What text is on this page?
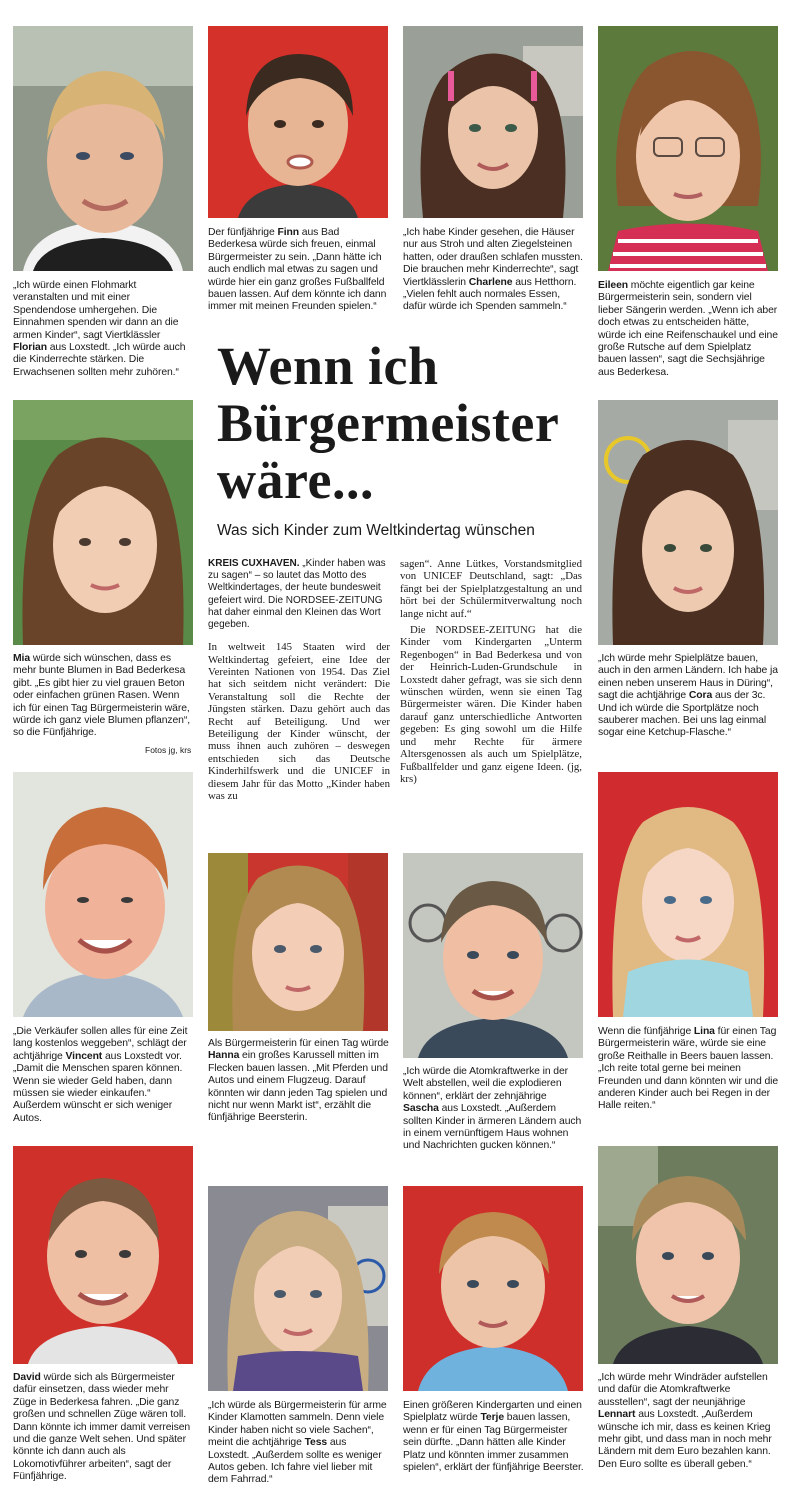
„Ich würde einen Flohmarkt veranstalten und mit einer Spendendose umhergehen. Die Einnahmen spenden wir dann an die armen Kinder“, sagt Viertklässler Florian aus Loxstedt. „Ich würde auch die Kinderrechte stärken. Die Erwachsenen sollten mehr zuhören.“

Der fünfjährige Finn aus Bad Bederkesa würde sich freuen, einmal Bürgermeister zu sein. „Dann hätte ich auch endlich mal etwas zu sagen und würde hier ein ganz großes Fußballfeld bauen lassen. Auf dem könnte ich dann immer mit meinen Freunden spielen.“

„Ich habe Kinder gesehen, die Häuser nur aus Stroh und alten Ziegelsteinen hatten, oder draußen schlafen mussten. Die brauchen mehr Kinderrechte“, sagt Viertklässlerin Charlene aus Hetthorn. „Vielen fehlt auch normales Essen, dafür würde ich Spenden sammeln.“

Eileen möchte eigentlich gar keine Bürgermeisterin sein, sondern viel lieber Sängerin werden. „Wenn ich aber doch etwas zu entscheiden hätte, würde ich eine Reifenschaukel und eine große Rutsche auf dem Spielplatz bauen lassen“, sagt die Sechsjährige aus Bederkesa.

Wenn ich Bürgermeister wäre...

Was sich Kinder zum Weltkindertag wünschen

KREIS CUXHAVEN. „Kinder haben was zu sagen“ – so lautet das Motto des Weltkindertages, der heute bundesweit gefeiert wird. Die NORDSEE-ZEITUNG hat daher einmal den Kleinen das Wort gegeben.

In weltweit 145 Staaten wird der Weltkindertag gefeiert, eine Idee der Vereinten Nationen von 1954. Das Ziel hat sich seitdem nicht verändert: Die Veranstaltung soll die Rechte der Jüngsten stärken. Dazu gehört auch das Recht auf Beteiligung. Und wer Beteiligung der Kinder wünscht, der muss ihnen auch zuhören – deswegen entschieden sich das Deutsche Kinderhilfswerk und die UNICEF in diesem Jahr für das Motto „Kinder haben was zu

sagen“. Anne Lütkes, Vorstandsmitglied von UNICEF Deutschland, sagt: „Das fängt bei der Spielplatzgestaltung an und hört bei der Schülermitverwaltung noch lange nicht auf.“

Die NORDSEE-ZEITUNG hat die Kinder vom Kindergarten „Unterm Regenbogen“ in Bad Bederkesa und von der Heinrich-Luden-Grundschule in Loxstedt daher gefragt, was sie sich denn wünschen würden, wenn sie einen Tag Bürgermeister wären. Die Kinder haben darauf ganz unterschiedliche Antworten gegeben: Es ging sowohl um die Hilfe und mehr Rechte für ärmere Altersgenossen als auch um Spielplätze, Fußballfelder und ganz eigene Ideen. (jg, krs)

Mia würde sich wünschen, dass es mehr bunte Blumen in Bad Bederkesa gibt. „Es gibt hier zu viel grauen Beton oder einfachen grünen Rasen. Wenn ich für einen Tag Bürgermeisterin wäre, würde ich ganz viele Blumen pflanzen“, so die Fünfjährige.

Fotos jg, krs

„Ich würde mehr Spielplätze bauen, auch in den armen Ländern. Ich habe ja einen neben unserem Haus in Düring“, sagt die achtjährige Cora aus der 3c. Und ich würde die Sportplätze noch sauberer machen. Bei uns lag einmal sogar eine Ketchup-Flasche.“

„Die Verkäufer sollen alles für eine Zeit lang kostenlos weggeben“, schlägt der achtjährige Vincent aus Loxstedt vor. „Damit die Menschen sparen können. Wenn sie wieder Geld haben, dann müssen sie wieder einkaufen.“ Außerdem wünscht er sich weniger Autos.

Als Bürgermeisterin für einen Tag würde Hanna ein großes Karussell mitten im Flecken bauen lassen. „Mit Pferden und Autos und einem Flugzeug. Darauf könnten wir dann jeden Tag spielen und nicht nur wenn Markt ist“, erzählt die fünfjährige Beersterin.

„Ich würde die Atomkraftwerke in der Welt abstellen, weil die explodieren können“, erklärt der zehnjährige Sascha aus Loxstedt. „Außerdem sollten Kinder in ärmeren Ländern auch in einem vernünftigem Haus wohnen und Nachrichten gucken können.“

Wenn die fünfjährige Lina für einen Tag Bürgermeisterin wäre, würde sie eine große Reithalle in Beers bauen lassen. „Ich reite total gerne bei meinen Freunden und dann könnten wir und die anderen Kinder auch bei Regen in der Halle reiten.“

David würde sich als Bürgermeister dafür einsetzen, dass wieder mehr Züge in Bederkesa fahren. „Die ganz großen und schnellen Züge wären toll. Dann könnte ich immer damit verreisen und die ganze Welt sehen. Und später könnte ich dann auch als Lokomotivführer arbeiten“, sagt der Fünfjährige.

„Ich würde als Bürgermeisterin für arme Kinder Klamotten sammeln. Denn viele Kinder haben nicht so viele Sachen“, meint die achtjährige Tess aus Loxstedt. „Außerdem sollte es weniger Autos geben. Ich fahre viel lieber mit dem Fahrrad.“

Einen größeren Kindergarten und einen Spielplatz würde Terje bauen lassen, wenn er für einen Tag Bürgermeister sein dürfte. „Dann hätten alle Kinder Platz und könnten immer zusammen spielen“, erklärt der fünfjährige Beerster.

„Ich würde mehr Windräder aufstellen und dafür die Atomkraftwerke ausstellen“, sagt der neunjährige Lennart aus Loxstedt. „Außerdem wünsche ich mir, dass es keinen Krieg mehr gibt, und dass man in noch mehr Ländern mit dem Euro bezahlen kann. Den Euro sollte es überall geben.“
